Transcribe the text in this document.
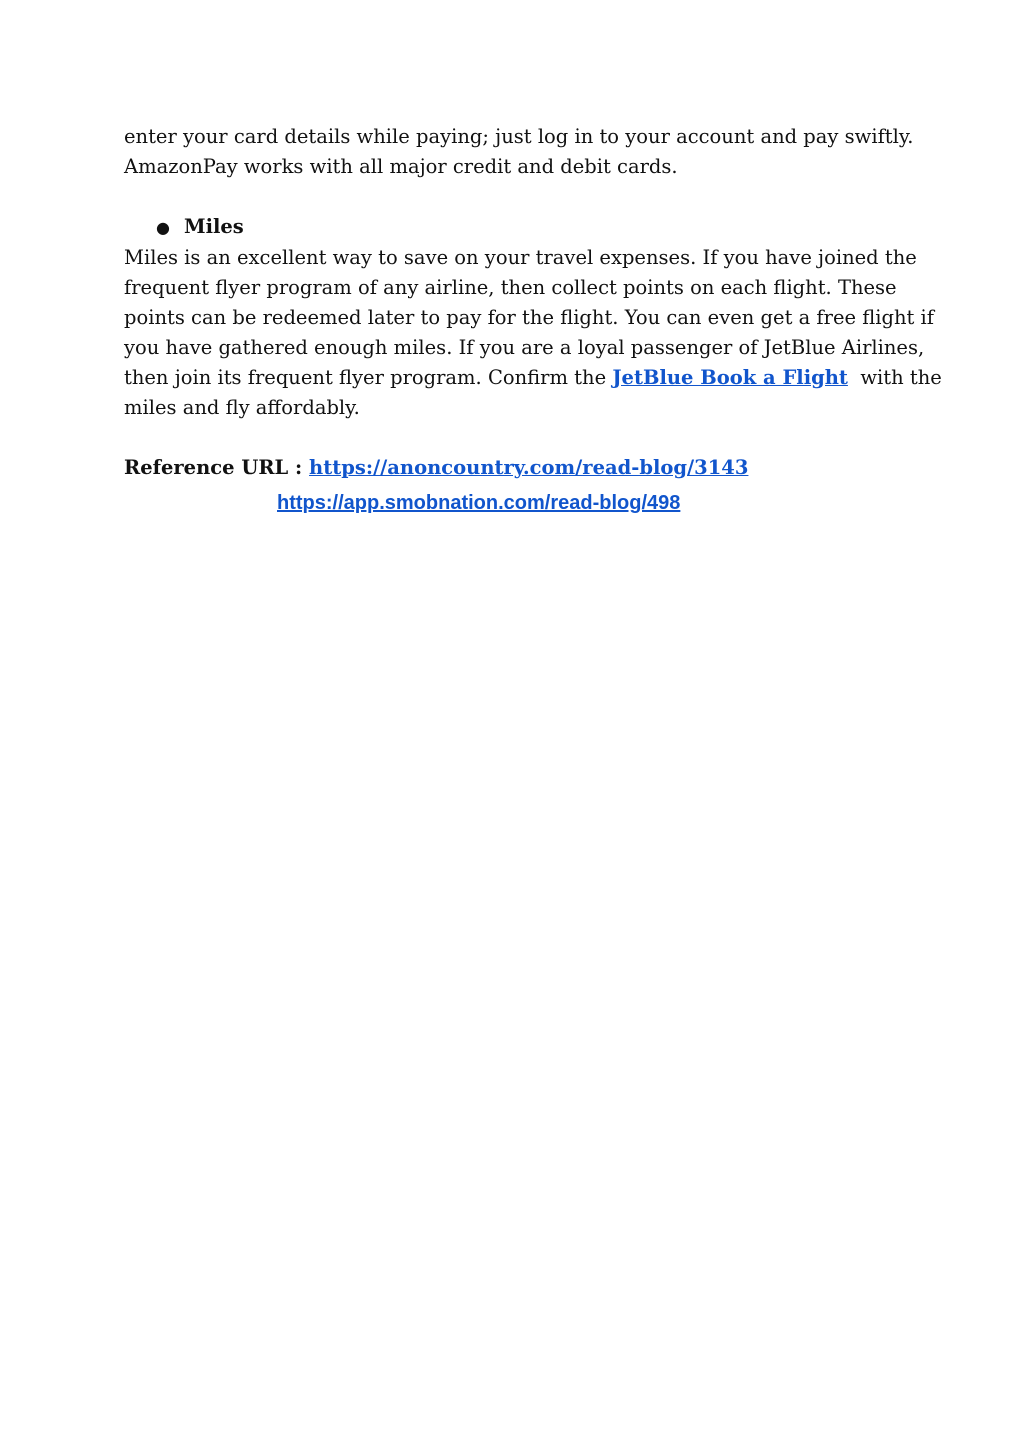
enter your card details while paying; just log in to your account and pay swiftly.
AmazonPay works with all major credit and debit cards.

● Miles

Miles is an excellent way to save on your travel expenses. If you have joined the
frequent flyer program of any airline, then collect points on each flight. These
points can be redeemed later to pay for the flight. You can even get a free flight if
you have gathered enough miles. If you are a loyal passenger of JetBlue Airlines,
then join its frequent flyer program. Confirm the JetBlue Book a Flight  with the
miles and fly affordably.

Reference URL : https://anoncountry.com/read-blog/3143
https://app.smobnation.com/read-blog/498
